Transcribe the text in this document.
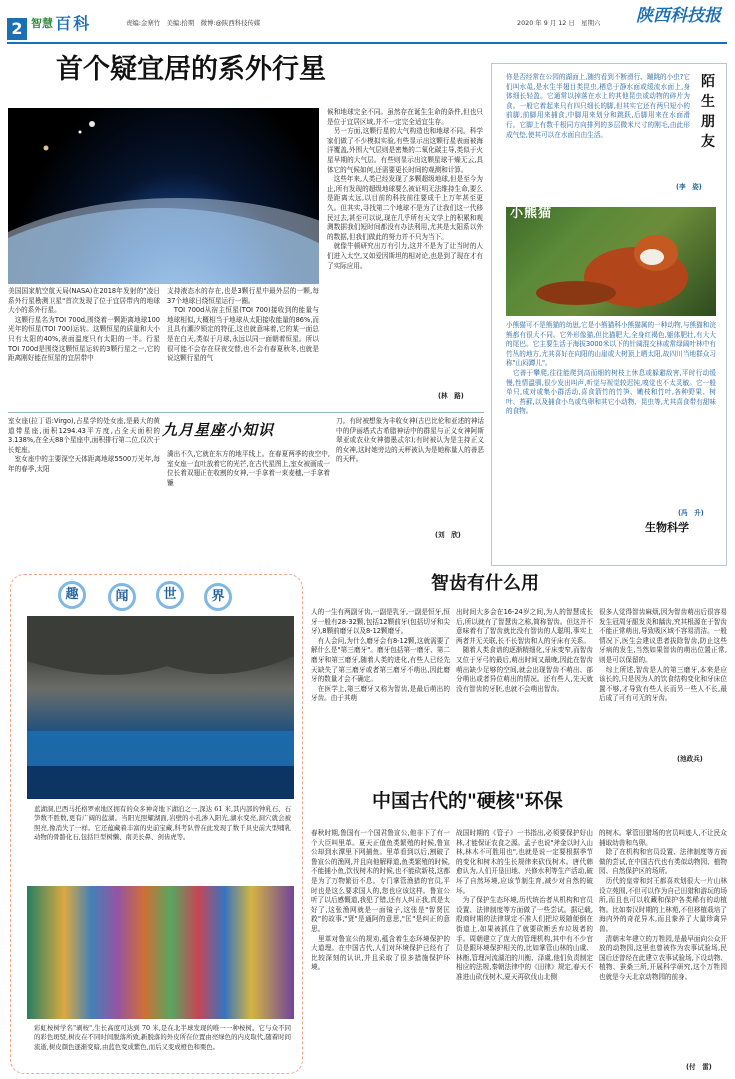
2 智慧 百 科	责编:金寨竹　美编:拾期　微博:@陕西科技传媒	2020 年 9 月 12 日　星期六	陕西科技报
首个疑宜居的系外行星
美国国家航空航天局(NASA)在2018年发射的"凌日系外行星勘测卫星"首次发现了位于宜居带内的地球大小的系外行星。
　这颗行星名为TOI 700d,围绕着一颗距离地球100光年的恒星(TOI 700)运转。这颗恒星的质量和大小只有太阳的40%,表面温度只有太阳的一半。行星TOI 700d是围绕这颗恒星运转的3颗行星之一,它的距离刚好能在恒星的宜居带中
支持液态水的存在,也是3颗行星中最外层的一颗,每37个地球日绕恒星运行一圈。
　TOI 700d从宿主恒星(TOI 700)接收到的能量与地球相似,大概相当于地球从太阳接收能量的86%,而且具有潮汐锁定的特征,这也就意味着,它的某一面总是在白天,类似于月球,永远以同一面朝着恒星。所以很可能不会存在昼夜交替,也不会有春夏秋冬,也就是说这颗行星的气
候和地球完全不同。虽然存在诞生生命的条件,但也只是位于宜居区域,并不一定完全适宜生存。
　另一方面,这颗行星的大气构造也和地球不同。科学家们做了不少模拟实验,有些显示出这颗行星表面被海洋覆盖,外围大气层则是密集的二氧化碳主导,类似于火星早期的大气层。有些则显示出这颗星球干燥无云,具体它的气候如何,还需要更长时间的观测和计算。
　这些年来,人类已经发现了多颗超级地球,但是至今为止,所有发现的超级地球要么被证明无法维持生命,要么是距离太远,以目前的科技前往要成千上万年甚至更久。但其实,寻找第二个地球不是为了让我们这一代移民过去,甚至可以说,现在几乎所有天文学上的积累和观测数据我们短时间都没有办法利用,尤其是太阳系以外的数据,但我们做此的努力并不只为当下。
　就像牛顿研究出万有引力,这并不是为了让当时的人们进入太空,又如爱因斯坦的相对论,也是到了现在才有了实际应用。
(林　路)
室女座(拉丁语:Virgo),占星学的处女座,是最大的黄道带星座,面积1294.43平方度,占全天面积的3.138%,在全天88个星座中,面积排行第二位,仅次于长蛇座。
　室女座中的主要深空天体距离地球5500万光年,每年的春季,太阳
九月星座小知识
満出不久,它就在东方的地平线上。在春夏两季的夜空中,室女座一直吐放着它的光芒,在古代星图上,室女被画成一位长着双翅正在收割的女神,一手拿着一束麦穗,一手拿着镰
刀。有时被想象为丰收女神(古巴比伦和亚述的神话中的伊丽塔式古希腊神话中的群星与正义女神阿斯翠亚或农业女神德墨忒尔);有时被认为是主持正义的女神,这时她旁边的天秤被认为是她称量人的善恶的天秤。
(刘　欣)
你是否经常在公园的湖面上,随约看到不断滑行、蹦跳的小虫?它们叫水黾,是水生半翅目类昆虫,栖息于静水面或缓流水面上,身体细长轻盈。它通常以掉落在水上的其他昆虫或动物的碎片为食。一般它着起来只有四只细长的脚,但其实它还有两只短小的前脚,前脚用来捕食,中脚用来划分和跳跃,后脚用来在水面滑行。它脚上有数千根同方向排列的多层微米尺寸的刚毛,由此形成气垫,使其可以在水面自由生活。
(李　姿)
陌
生
朋
友
小熊猫
小熊猫可不是熊猫的幼崽,它是小熊猫科小熊猫属的一种动物,与熊猫和浣熊都有很大不同。它外形像猫,但比猫肥大,全身红褐色,躯体肥壮,有大大的尾巴。它主要生活于海拔3000米以下的针阔混交林或常绿阔叶林中有竹丛的地方,尤其喜好在向阳的山崖或大树顶上晒太阳,故四川当地群众习称"山闷蹲儿"。
　它善于攀爬,往往能爬到高而细的树枝上休息或躲避敌害,平时行动缓慢,性情温驯,很少发出叫声,听觉与视觉较迟钝,嗅觉也不太灵敏。它一般单只,成对或集小群活动,喜食箭竹的竹笋、嫩枝和竹叶,各种野果、树叶、苔藓,以及捕食小鸟或鸟卵和其它小动物、昆虫等,尤其喜食带有甜味的食物。
(冯　升)
生物科学
趣	闻	世	界
蓝湖洞,巴西马托格罗索地区拥有的众多神奇地下湖泊之一,深达 61 米,其内部的钟乳石、石笋数不胜数,更有广阔的蓝湖。当阳光照耀湖面,岩壁的小孔渗入阳光,湖水变亮,洞穴就会被照亮,像消失了一样。它还蕴藏着丰富的史前宝藏,科考队曾在此发现了数千具史前大型哺乳动物的骨骼化石,包括巨型树懒、南美长鼻、剑齿虎等。
彩虹桉树学名"剥桉",生长高度可达到 70 米,是在北半球发现的唯一一种桉树。它与众不同的彩色斑驳,树皮在不同时间脱落所致,新脱落的外皮所在位置由亮绿色的内皮取代,随着时间流逝,树皮颜色逐渐变暗,由蓝色变成紫色,而后又变成橙色和栗色。
智齿有什么用
人的一生有两副牙齿,一副是乳牙,一副是恒牙,恒牙一般有28-32颗,包括12颗前牙(包括切牙和尖牙),8颗前磨牙以及8-12颗磨牙。
　有人会问,为什么磨牙会有8-12颗,这就需要了解什么是"第三磨牙"。磨牙包括第一磨牙、第二磨牙和第三磨牙,随着人类的进化,有些人已经先天缺失了第三磨牙或者第三磨牙不萌出,因此磨牙的数量才会不确定。
　在医学上,第三磨牙又称为智齿,是最后萌出的牙齿。由于其萌
出时间大多会在16-24岁之间,为人的智慧成长后,所以就有了智慧齿之称,简称智齿。但这并不意味着有了智齿就比没有智齿的人聪明,事实上两者并无关联,长不长智齿和人的牙床有关系。
　随着人类食谱的逐渐精细化,牙床变窄,而智齿又位于牙弓的最后,萌出时间又最晚,因此在智齿萌出缺少足够的空间,就会出现智齿不萌出、部分萌出或者异位萌出的情况。还有些人,先天就没有智齿的牙胚,也就不会萌出智齿。
很多人觉得智齿麻烦,因为智齿萌出后很容易发生冠周牙龈发炎和龋齿,究其根源在于智齿不能正常萌出,导致吸区域不容易清洁。一般情况下,医生会建议患者拔除智齿,防止这些牙病的发生,当然如果智齿的萌出位置正常,则是可以保留的。
　综上所述,智齿是人的第三磨牙,本来是应该长的,只是因为人的饮食结构变化和牙床位置不够,才导致有些人长而另一些人不长,最后成了可有可无的牙齿。
(池政兵)
中国古代的"硬核"环保
春秋时期,鲁国有一个国君鲁宣公,他非下了有一个大臣叫里革。夏天正值鱼类繁殖的时候,鲁宣公却到水潭里下网捕鱼。里革看到以后,割破了鲁宣公的渔网,并且向他解释道,鱼类繁殖的时候,不能捕小鱼,饮伐树木的时候,也不能砍新枝,这都是为了万物繁衍不息。专门掌管渔猎的官员,平时也是这么要求国人的,您也应该这样。鲁宣公听了以后感慨道,我犯了错,还有人纠正我,真是太好了,这张渔网就是一面镜子,这张是"智贤匡救"的故事,"贤"是通阿的意思,"匡"是纠正的意思。
　里革对鲁宣公的规劝,蕴含着生态环境保护的大道理。在中国古代,人们对环境保护已经有了比较深刻的认识,并且采取了很多措施保护环境。
战国时期的《管子》一书指出,必须要保护好山林,才能保证农食之源。孟子也说"斧金以时入山林,林木不可胜用也",也就是说一定要根据季节的变化和树木的生长规律来砍伐树木。唐代韩愈认为,人们开垦田地、兴修水利等生产活动,破坏了自然环境,应该节制生育,减少对自然的破坏。
　为了保护生态环境,历代统治者从机构和官员设置、法律制度等方面做了一些尝试。据记载,殷商时期的法律规定不准人们把垃圾随便倒在街道上,如果被抓住了就要砍断丢弃垃圾者的手。周朝建立了庞大的管理机构,其中有不少官员是跟环境保护相关的,比如掌管山林的山虞、林衡,管理河流湖泊的川衡、泽虞,他们负责制定相应的法规,秦朝法律中的《田律》规定,春天不准进山砍伐树木,夏天再砍伐山北侧
的树木。掌管田猎场的官员叫迹人,不让民众捕取幼兽和鸟卵。
　除了在机构和官员设置、法律制度等方面做的尝试,在中国古代也有类似动物园、植物园、自然保护区的场所。
　历代的皇帝和封王都喜欢划很大一片山林设立苑囿,不但可以作为自己田猎和游玩的场所,而且也可以收藏和保护各类稀有的动植物。比如秦汉时期的上林苑,不但移植栽培了海内外的奇花异木,而且豢养了大量珍禽异兽。
　清朝末年建立的万牲园,是最早面向公众开放的动物园,这里也曾被作为农事试验场,民国后还曾经在此建立农事试验场,下设动物、植物、蚕桑三所,开展科学研究,这个万牲园也就是今天北京动物园的前身。
(付　雷)
